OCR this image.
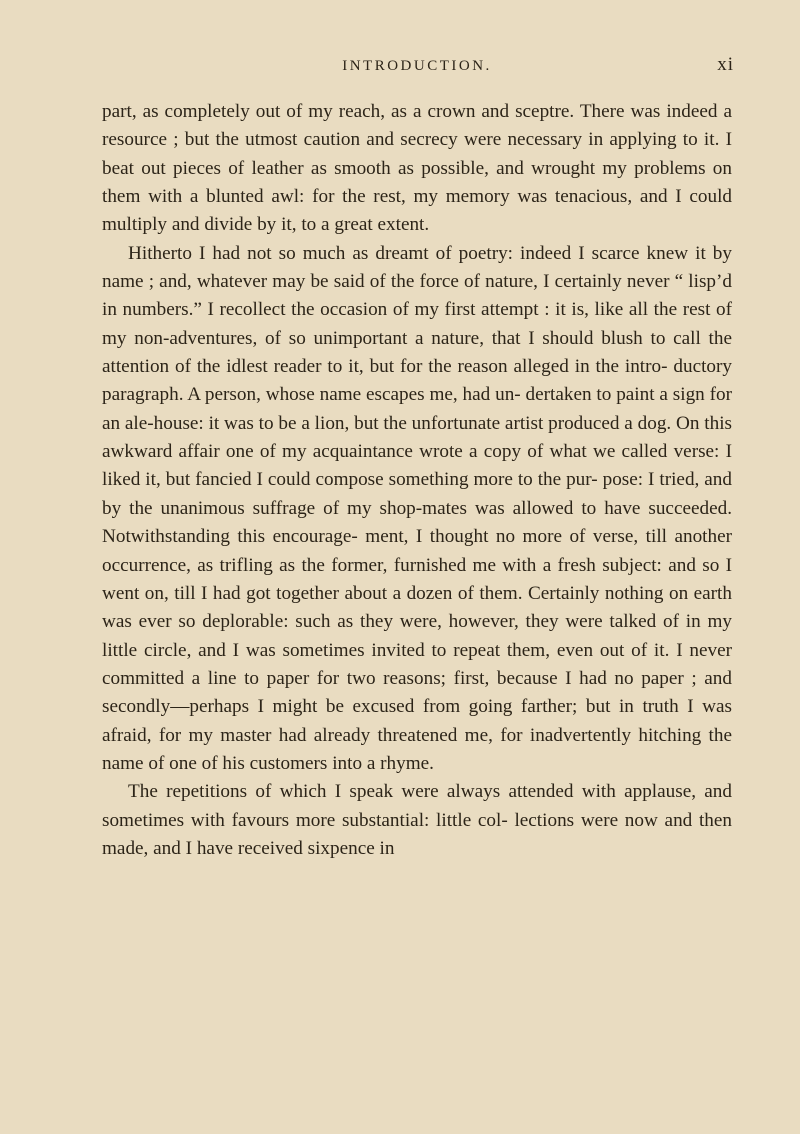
INTRODUCTION.	xi

part, as completely out of my reach, as a crown and sceptre. There was indeed a resource ; but the utmost caution and secrecy were necessary in applying to it. I beat out pieces of leather as smooth as possible, and wrought my problems on them with a blunted awl: for the rest, my memory was tenacious, and I could multiply and divide by it, to a great extent.

Hitherto I had not so much as dreamt of poetry: indeed I scarce knew it by name ; and, whatever may be said of the force of nature, I certainly never “ lisp’d in numbers.” I recollect the occasion of my first attempt : it is, like all the rest of my non-adventures, of so unimportant a nature, that I should blush to call the attention of the idlest reader to it, but for the reason alleged in the intro- ductory paragraph. A person, whose name escapes me, had un- dertaken to paint a sign for an ale-house: it was to be a lion, but the unfortunate artist produced a dog. On this awkward affair one of my acquaintance wrote a copy of what we called verse: I liked it, but fancied I could compose something more to the pur- pose: I tried, and by the unanimous suffrage of my shop-mates was allowed to have succeeded. Notwithstanding this encourage- ment, I thought no more of verse, till another occurrence, as trifling as the former, furnished me with a fresh subject: and so I went on, till I had got together about a dozen of them. Certainly nothing on earth was ever so deplorable: such as they were, however, they were talked of in my little circle, and I was sometimes invited to repeat them, even out of it. I never committed a line to paper for two reasons; first, because I had no paper ; and secondly—perhaps I might be excused from going farther; but in truth I was afraid, for my master had already threatened me, for inadvertently hitching the name of one of his customers into a rhyme.

The repetitions of which I speak were always attended with applause, and sometimes with favours more substantial: little col- lections were now and then made, and I have received sixpence in
